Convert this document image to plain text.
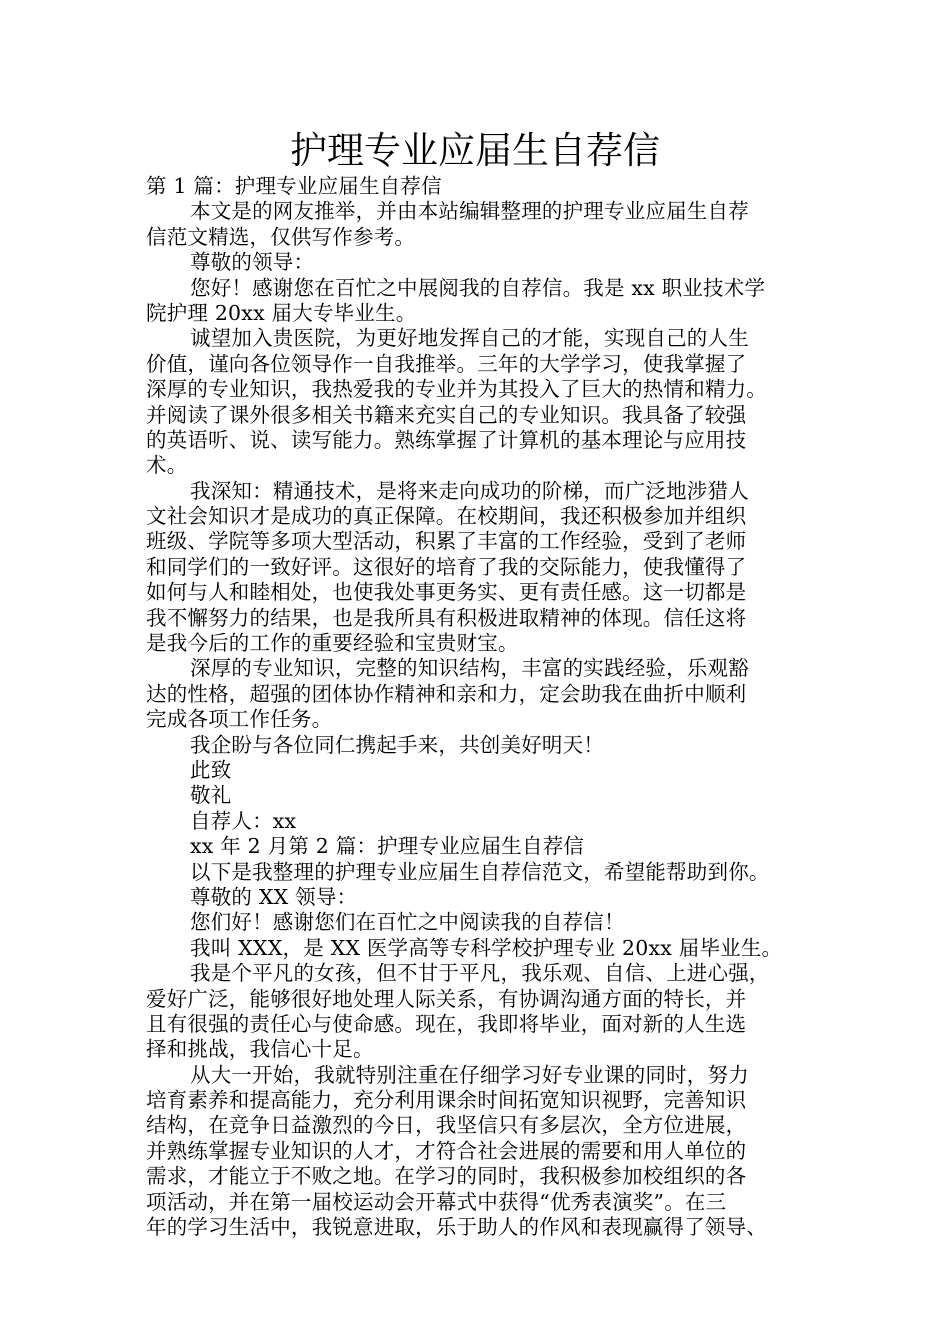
护理专业应届生自荐信
第 1 篇：护理专业应届生自荐信
本文是的网友推举，并由本站编辑整理的护理专业应届生自荐
信范文精选，仅供写作参考。
尊敬的领导：
您好！感谢您在百忙之中展阅我的自荐信。我是 xx 职业技术学
院护理 20xx 届大专毕业生。
诚望加入贵医院，为更好地发挥自己的才能，实现自己的人生
价值，谨向各位领导作一自我推举。三年的大学学习，使我掌握了
深厚的专业知识，我热爱我的专业并为其投入了巨大的热情和精力。
并阅读了课外很多相关书籍来充实自己的专业知识。我具备了较强
的英语听、说、读写能力。熟练掌握了计算机的基本理论与应用技
术。
我深知：精通技术，是将来走向成功的阶梯，而广泛地涉猎人
文社会知识才是成功的真正保障。在校期间，我还积极参加并组织
班级、学院等多项大型活动，积累了丰富的工作经验，受到了老师
和同学们的一致好评。这很好的培育了我的交际能力，使我懂得了
如何与人和睦相处，也使我处事更务实、更有责任感。这一切都是
我不懈努力的结果，也是我所具有积极进取精神的体现。信任这将
是我今后的工作的重要经验和宝贵财宝。
深厚的专业知识，完整的知识结构，丰富的实践经验，乐观豁
达的性格，超强的团体协作精神和亲和力，定会助我在曲折中顺利
完成各项工作任务。
我企盼与各位同仁携起手来，共创美好明天！
此致
敬礼
自荐人：xx
xx 年 2 月第 2 篇：护理专业应届生自荐信
以下是我整理的护理专业应届生自荐信范文，希望能帮助到你。
尊敬的 XX 领导：
您们好！感谢您们在百忙之中阅读我的自荐信！
我叫 XXX，是 XX 医学高等专科学校护理专业 20xx 届毕业生。
我是个平凡的女孩，但不甘于平凡，我乐观、自信、上进心强，
爱好广泛，能够很好地处理人际关系，有协调沟通方面的特长，并
且有很强的责任心与使命感。现在，我即将毕业，面对新的人生选
择和挑战，我信心十足。
从大一开始，我就特别注重在仔细学习好专业课的同时，努力
培育素养和提高能力，充分利用课余时间拓宽知识视野，完善知识
结构，在竞争日益激烈的今日，我坚信只有多层次，全方位进展，
并熟练掌握专业知识的人才，才符合社会进展的需要和用人单位的
需求，才能立于不败之地。在学习的同时，我积极参加校组织的各
项活动，并在第一届校运动会开幕式中获得“优秀表演奖”。在三
年的学习生活中，我锐意进取，乐于助人的作风和表现赢得了领导、
